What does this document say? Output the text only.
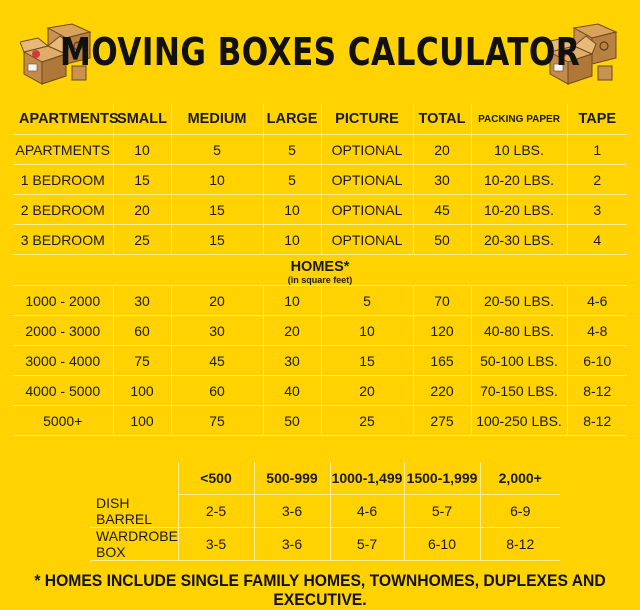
MOVING BOXES CALCULATOR
APARTMENTS	SMALL	MEDIUM	LARGE	PICTURE	TOTAL	PACKING PAPER	TAPE
APARTMENTS	10	5	5	OPTIONAL	20	10 LBS.	1
1 BEDROOM	15	10	5	OPTIONAL	30	10-20 LBS.	2
2 BEDROOM	20	15	10	OPTIONAL	45	10-20 LBS.	3
3 BEDROOM	25	15	10	OPTIONAL	50	20-30 LBS.	4

HOMES*
(in square feet)							

1000 - 2000	30	20	10	5	70	20-50 LBS.	4-6
2000 - 3000	60	30	20	10	120	40-80 LBS.	4-8
3000 - 4000	75	45	30	15	165	50-100 LBS.	6-10
4000 - 5000	100	60	40	20	220	70-150 LBS.	8-12
5000+	100	75	50	25	275	100-250 LBS.	8-12
	<500	500-999	1000-1,499	1500-1,999	2,000+
DISH BARREL	2-5	3-6	4-6	5-7	6-9
WARDROBE BOX	3-5	3-6	5-7	6-10	8-12
* HOMES INCLUDE SINGLE FAMILY HOMES, TOWNHOMES, DUPLEXES AND EXECUTIVE.
